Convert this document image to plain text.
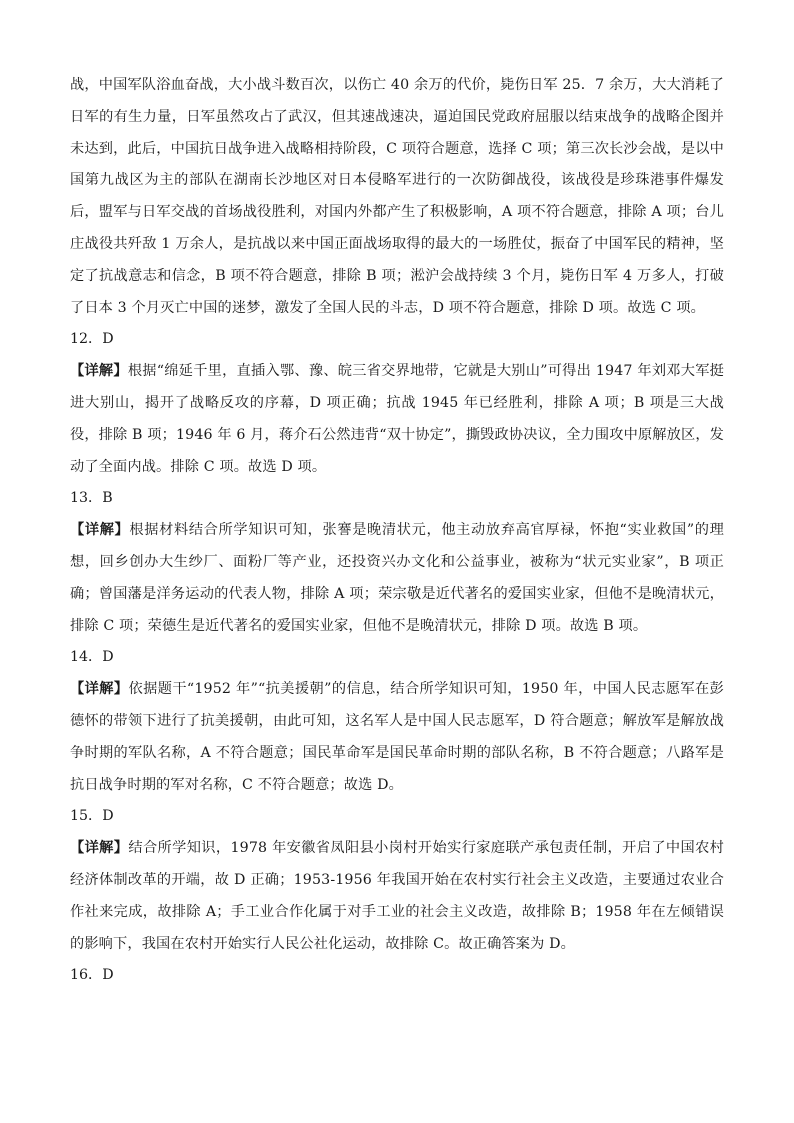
战，中国军队浴血奋战，大小战斗数百次，以伤亡 40 余万的代价，毙伤日军 25．7 余万，大大消耗了日军的有生力量，日军虽然攻占了武汉，但其速战速决，逼迫国民党政府屈服以结束战争的战略企图并未达到，此后，中国抗日战争进入战略相持阶段，C 项符合题意，选择 C 项；第三次长沙会战，是以中国第九战区为主的部队在湖南长沙地区对日本侵略军进行的一次防御战役，该战役是珍珠港事件爆发后，盟军与日军交战的首场战役胜利，对国内外都产生了积极影响，A 项不符合题意，排除 A 项；台儿庄战役共歼敌 1 万余人，是抗战以来中国正面战场取得的最大的一场胜仗，振奋了中国军民的精神，坚定了抗战意志和信念，B 项不符合题意，排除 B 项；淞沪会战持续 3 个月，毙伤日军 4 万多人，打破了日本 3 个月灭亡中国的迷梦，激发了全国人民的斗志，D 项不符合题意，排除 D 项。故选 C 项。

12．D

【详解】根据“绵延千里，直插入鄂、豫、皖三省交界地带，它就是大别山”可得出 1947 年刘邓大军挺进大别山，揭开了战略反攻的序幕，D 项正确；抗战 1945 年已经胜利，排除 A 项；B 项是三大战役，排除 B 项；1946 年 6 月，蒋介石公然违背“双十协定”，撕毁政协决议，全力围攻中原解放区，发动了全面内战。排除 C 项。故选 D 项。

13．B

【详解】根据材料结合所学知识可知，张謇是晚清状元，他主动放弃高官厚禄，怀抱“实业救国”的理想，回乡创办大生纱厂、面粉厂等产业，还投资兴办文化和公益事业，被称为“状元实业家”，B 项正确；曾国藩是洋务运动的代表人物，排除 A 项；荣宗敬是近代著名的爱国实业家，但他不是晚清状元，排除 C 项；荣德生是近代著名的爱国实业家，但他不是晚清状元，排除 D 项。故选 B 项。

14．D

【详解】依据题干“1952 年”“抗美援朝”的信息，结合所学知识可知，1950 年，中国人民志愿军在彭德怀的带领下进行了抗美援朝，由此可知，这名军人是中国人民志愿军，D 符合题意；解放军是解放战争时期的军队名称，A 不符合题意；国民革命军是国民革命时期的部队名称，B 不符合题意；八路军是抗日战争时期的军对名称，C 不符合题意；故选 D。

15．D

【详解】结合所学知识，1978 年安徽省凤阳县小岗村开始实行家庭联产承包责任制，开启了中国农村经济体制改革的开端，故 D 正确；1953-1956 年我国开始在农村实行社会主义改造，主要通过农业合作社来完成，故排除 A；手工业合作化属于对手工业的社会主义改造，故排除 B；1958 年在左倾错误的影响下，我国在农村开始实行人民公社化运动，故排除 C。故正确答案为 D。

16．D
